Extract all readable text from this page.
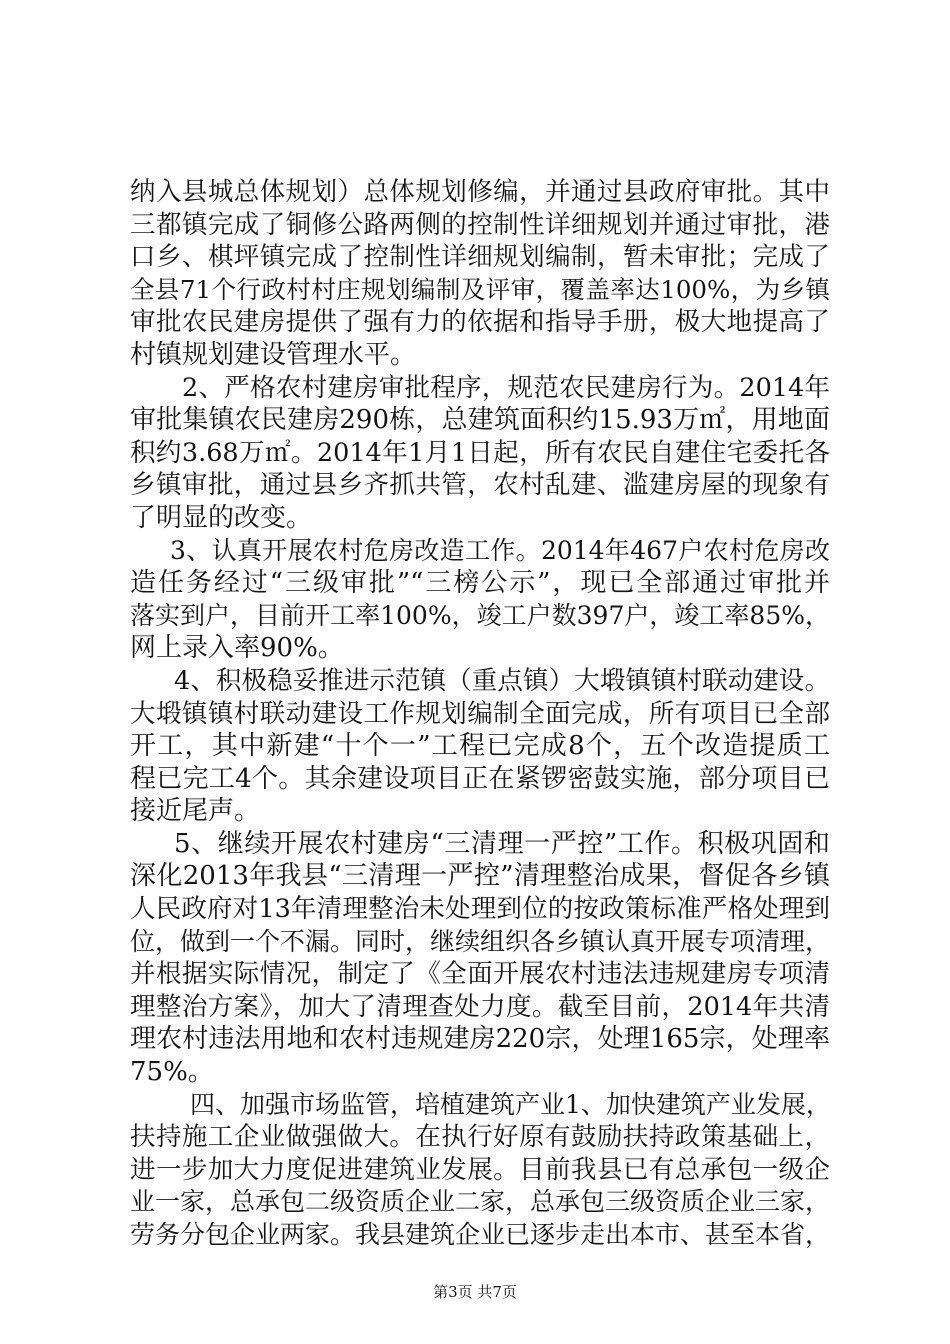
纳入县城总体规划）总体规划修编，并通过县政府审批。其中
三都镇完成了铜修公路两侧的控制性详细规划并通过审批，港
口乡、棋坪镇完成了控制性详细规划编制，暂未审批；完成了
全县71个行政村村庄规划编制及评审，覆盖率达100%，为乡镇
审批农民建房提供了强有力的依据和指导手册，极大地提高了
村镇规划建设管理水平。
2、严格农村建房审批程序，规范农民建房行为。2014年
审批集镇农民建房290栋，总建筑面积约15.93万㎡，用地面
积约3.68万㎡。2014年1月1日起，所有农民自建住宅委托各
乡镇审批，通过县乡齐抓共管，农村乱建、滥建房屋的现象有
了明显的改变。
3、认真开展农村危房改造工作。2014年467户农村危房改
造任务经过“三级审批”“三榜公示”，现已全部通过审批并
落实到户，目前开工率100%，竣工户数397户，竣工率85%，
网上录入率90%。
4、积极稳妥推进示范镇（重点镇）大塅镇镇村联动建设。
大塅镇镇村联动建设工作规划编制全面完成，所有项目已全部
开工，其中新建“十个一”工程已完成8个，五个改造提质工
程已完工4个。其余建设项目正在紧锣密鼓实施，部分项目已
接近尾声。
5、继续开展农村建房“三清理一严控”工作。积极巩固和
深化2013年我县“三清理一严控”清理整治成果，督促各乡镇
人民政府对13年清理整治未处理到位的按政策标准严格处理到
位，做到一个不漏。同时，继续组织各乡镇认真开展专项清理，
并根据实际情况，制定了《全面开展农村违法违规建房专项清
理整治方案》，加大了清理查处力度。截至目前，2014年共清
理农村违法用地和农村违规建房220宗，处理165宗，处理率
75%。
四、加强市场监管，培植建筑产业1、加快建筑产业发展，
扶持施工企业做强做大。在执行好原有鼓励扶持政策基础上，
进一步加大力度促进建筑业发展。目前我县已有总承包一级企
业一家，总承包二级资质企业二家，总承包三级资质企业三家，
劳务分包企业两家。我县建筑企业已逐步走出本市、甚至本省，
第3页 共7页
